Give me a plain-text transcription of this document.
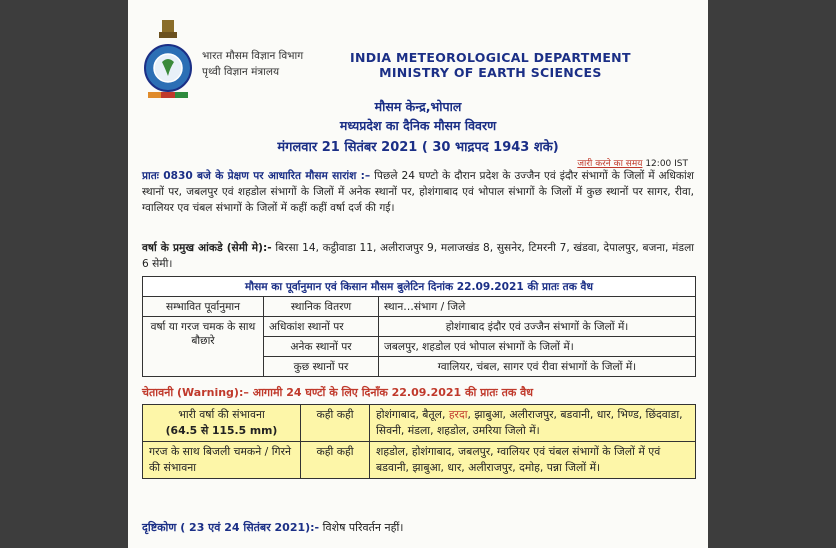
भारत मौसम विज्ञान विभाग
पृथ्वी विज्ञान मंत्रालय
INDIA METEOROLOGICAL DEPARTMENT
MINISTRY OF EARTH SCIENCES
मौसम केन्द्र,भोपाल
मध्यप्रदेश का दैनिक मौसम विवरण
मंगलवार 21 सितंबर 2021 ( 30 भाद्रपद 1943 शके)
जारी करने का समय 12:00 IST
प्रातः 0830 बजे के प्रेक्षण पर आधारित मौसम सारांश :– पिछले 24 घण्टो के दौरान प्रदेश के उज्जैन एवं इंदौर संभागों के जिलों में अधिकांश स्थानों पर, जबलपुर एवं शहडोल संभागों के जिलों में अनेक स्थानों पर, होशंगाबाद एवं भोपाल संभागों के जिलों में कुछ स्थानों पर सागर, रीवा, ग्वालियर एव चंबल संभागों के जिलों में कहीं कहीं वर्षा दर्ज की गई।
वर्षा के प्रमुख आंकडे (सेमी मे):- बिरसा 14, कट्ठीवाडा 11, अलीराजपुर 9, मलाजखंड 8, सुसनेर, टिमरनी 7, खंडवा, देपालपुर, बजना, मंडला 6 सेमी।
मौसम का पूर्वानुमान एवं किसान मौसम बुलेटिन दिनांक 22.09.2021 की प्रातः तक वैध		
सम्भावित पूर्वानुमान	स्थानिक वितरण	स्थान…संभाग / जिले
वर्षा या गरज चमक के साथ बौछारे	अधिकांश स्थानों पर	होशंगाबाद इंदौर एवं उज्जैन संभागों के जिलों में।
	अनेक स्थानों पर	जबलपुर, शहडोल एवं भोपाल संभागों के जिलों में।
	कुछ स्थानों पर	ग्वालियर, चंबल, सागर एवं रीवा संभागों के जिलों में।
चेतावनी (Warning):– आगामी 24 घण्टों के लिए दिनाँक 22.09.2021 की प्रातः तक वैध
भारी वर्षा की संभावना
(64.5 से 115.5 mm)	कही कही	होशंगाबाद, बैतूल, हरदा, झाबुआ, अलीराजपुर, बडवानी, धार, भिण्ड, छिंदवाडा, सिवनी, मंडला, शहडोल, उमरिया जिलो में।
गरज के साथ बिजली चमकने / गिरने की संभावना	कही कही	शहडोल, होशंगाबाद, जबलपुर, ग्वालियर एवं चंबल संभागों के जिलों में एवं बडवानी, झाबुआ, धार, अलीराजपुर, दमोह, पन्ना जिलों में।
दृष्टिकोण ( 23 एवं 24 सितंबर 2021):- विशेष परिवर्तन नहीं।
